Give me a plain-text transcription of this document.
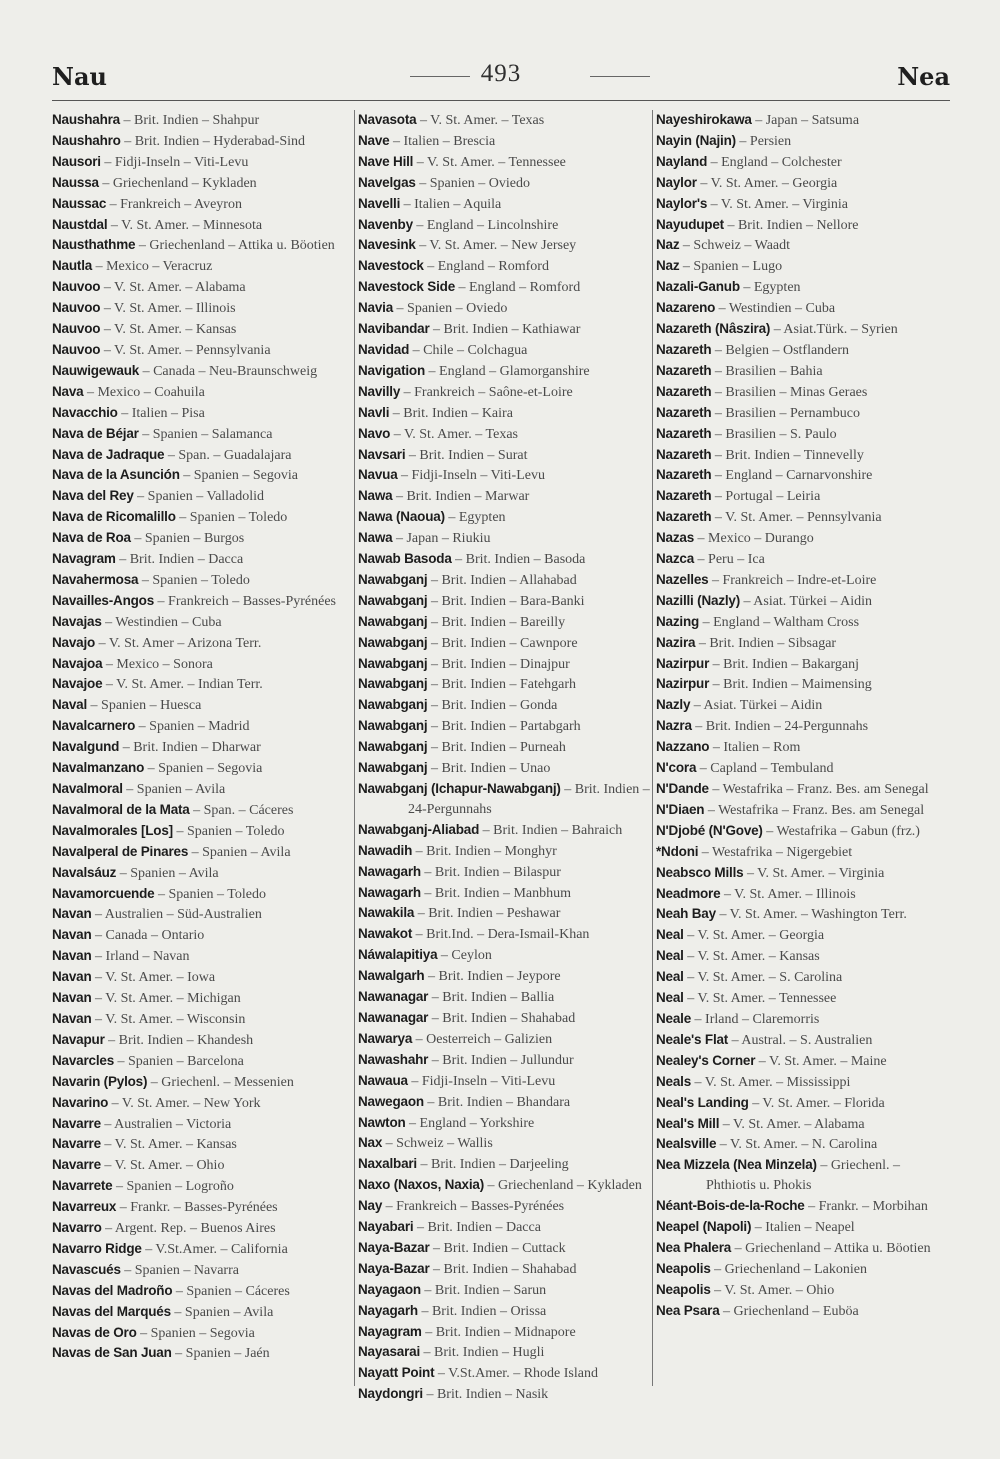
Nau	493	Nea

Naushahra – Brit. Indien – Shahpur

Naushahro – Brit. Indien – Hyderabad-Sind

Nausori – Fidji-Inseln – Viti-Levu

Naussa – Griechenland – Kykladen

Naussac – Frankreich – Aveyron

Naustdal – V. St. Amer. – Minnesota

Nausthathme – Griechenland – Attika u. Böotien

Nautla – Mexico – Veracruz

Nauvoo – V. St. Amer. – Alabama

Nauvoo – V. St. Amer. – Illinois

Nauvoo – V. St. Amer. – Kansas

Nauvoo – V. St. Amer. – Pennsylvania

Nauwigewauk – Canada – Neu-Braunschweig

Nava – Mexico – Coahuila

Navacchio – Italien – Pisa

Nava de Béjar – Spanien – Salamanca

Nava de Jadraque – Span. – Guadalajara

Nava de la Asunción – Spanien – Segovia

Nava del Rey – Spanien – Valladolid

Nava de Ricomalillo – Spanien – Toledo

Nava de Roa – Spanien – Burgos

Navagram – Brit. Indien – Dacca

Navahermosa – Spanien – Toledo

Navailles-Angos – Frankreich – Basses-Pyrénées

Navajas – Westindien – Cuba

Navajo – V. St. Amer – Arizona Terr.

Navajoa – Mexico – Sonora

Navajoe – V. St. Amer. – Indian Terr.

Naval – Spanien – Huesca

Navalcarnero – Spanien – Madrid

Navalgund – Brit. Indien – Dharwar

Navalmanzano – Spanien – Segovia

Navalmoral – Spanien – Avila

Navalmoral de la Mata – Span. – Cáceres

Navalmorales [Los] – Spanien – Toledo

Navalperal de Pinares – Spanien – Avila

Navalsáuz – Spanien – Avila

Navamorcuende – Spanien – Toledo

Navan – Australien – Süd-Australien

Navan – Canada – Ontario

Navan – Irland – Navan

Navan – V. St. Amer. – Iowa

Navan – V. St. Amer. – Michigan

Navan – V. St. Amer. – Wisconsin

Navapur – Brit. Indien – Khandesh

Navarcles – Spanien – Barcelona

Navarin (Pylos) – Griechenl. – Messenien

Navarino – V. St. Amer. – New York

Navarre – Australien – Victoria

Navarre – V. St. Amer. – Kansas

Navarre – V. St. Amer. – Ohio

Navarrete – Spanien – Logroño

Navarreux – Frankr. – Basses-Pyrénées

Navarro – Argent. Rep. – Buenos Aires

Navarro Ridge – V.St.Amer. – California

Navascués – Spanien – Navarra

Navas del Madroño – Spanien – Cáceres

Navas del Marqués – Spanien – Avila

Navas de Oro – Spanien – Segovia

Navas de San Juan – Spanien – Jaén

Navasota – V. St. Amer. – Texas

Nave – Italien – Brescia

Nave Hill – V. St. Amer. – Tennessee

Navelgas – Spanien – Oviedo

Navelli – Italien – Aquila

Navenby – England – Lincolnshire

Navesink – V. St. Amer. – New Jersey

Navestock – England – Romford

Navestock Side – England – Romford

Navia – Spanien – Oviedo

Navibandar – Brit. Indien – Kathiawar

Navidad – Chile – Colchagua

Navigation – England – Glamorganshire

Navilly – Frankreich – Saône-et-Loire

Navli – Brit. Indien – Kaira

Navo – V. St. Amer. – Texas

Navsari – Brit. Indien – Surat

Navua – Fidji-Inseln – Viti-Levu

Nawa – Brit. Indien – Marwar

Nawa (Naoua) – Egypten

Nawa – Japan – Riukiu

Nawab Basoda – Brit. Indien – Basoda

Nawabganj – Brit. Indien – Allahabad

Nawabganj – Brit. Indien – Bara-Banki

Nawabganj – Brit. Indien – Bareilly

Nawabganj – Brit. Indien – Cawnpore

Nawabganj – Brit. Indien – Dinajpur

Nawabganj – Brit. Indien – Fatehgarh

Nawabganj – Brit. Indien – Gonda

Nawabganj – Brit. Indien – Partabgarh

Nawabganj – Brit. Indien – Purneah

Nawabganj – Brit. Indien – Unao

Nawabganj (Ichapur-Nawabganj) – Brit. Indien – 24-Pergunnahs

Nawabganj-Aliabad – Brit. Indien – Bahraich

Nawadih – Brit. Indien – Monghyr

Nawagarh – Brit. Indien – Bilaspur

Nawagarh – Brit. Indien – Manbhum

Nawakila – Brit. Indien – Peshawar

Nawakot – Brit.Ind. – Dera-Ismail-Khan

Náwalapitiya – Ceylon

Nawalgarh – Brit. Indien – Jeypore

Nawanagar – Brit. Indien – Ballia

Nawanagar – Brit. Indien – Shahabad

Nawarya – Oesterreich – Galizien

Nawashahr – Brit. Indien – Jullundur

Nawaua – Fidji-Inseln – Viti-Levu

Nawegaon – Brit. Indien – Bhandara

Nawton – England – Yorkshire

Nax – Schweiz – Wallis

Naxalbari – Brit. Indien – Darjeeling

Naxo (Naxos, Naxia) – Griechenland – Kykladen

Nay – Frankreich – Basses-Pyrénées

Nayabari – Brit. Indien – Dacca

Naya-Bazar – Brit. Indien – Cuttack

Naya-Bazar – Brit. Indien – Shahabad

Nayagaon – Brit. Indien – Sarun

Nayagarh – Brit. Indien – Orissa

Nayagram – Brit. Indien – Midnapore

Nayasarai – Brit. Indien – Hugli

Nayatt Point – V.St.Amer. – Rhode Island

Naydongri – Brit. Indien – Nasik

Nayeshirokawa – Japan – Satsuma

Nayin (Najin) – Persien

Nayland – England – Colchester

Naylor – V. St. Amer. – Georgia

Naylor's – V. St. Amer. – Virginia

Nayudupet – Brit. Indien – Nellore

Naz – Schweiz – Waadt

Naz – Spanien – Lugo

Nazali-Ganub – Egypten

Nazareno – Westindien – Cuba

Nazareth (Nâszira) – Asiat.Türk. – Syrien

Nazareth – Belgien – Ostflandern

Nazareth – Brasilien – Bahia

Nazareth – Brasilien – Minas Geraes

Nazareth – Brasilien – Pernambuco

Nazareth – Brasilien – S. Paulo

Nazareth – Brit. Indien – Tinnevelly

Nazareth – England – Carnarvonshire

Nazareth – Portugal – Leiria

Nazareth – V. St. Amer. – Pennsylvania

Nazas – Mexico – Durango

Nazca – Peru – Ica

Nazelles – Frankreich – Indre-et-Loire

Nazilli (Nazly) – Asiat. Türkei – Aidin

Nazing – England – Waltham Cross

Nazira – Brit. Indien – Sibsagar

Nazirpur – Brit. Indien – Bakarganj

Nazirpur – Brit. Indien – Maimensing

Nazly – Asiat. Türkei – Aidin

Nazra – Brit. Indien – 24-Pergunnahs

Nazzano – Italien – Rom

N'cora – Capland – Tembuland

N'Dande – Westafrika – Franz. Bes. am Senegal

N'Diaen – Westafrika – Franz. Bes. am Senegal

N'Djobé (N'Gove) – Westafrika – Gabun (frz.)

*Ndoni – Westafrika – Nigergebiet

Neabsco Mills – V. St. Amer. – Virginia

Neadmore – V. St. Amer. – Illinois

Neah Bay – V. St. Amer. – Washington Terr.

Neal – V. St. Amer. – Georgia

Neal – V. St. Amer. – Kansas

Neal – V. St. Amer. – S. Carolina

Neal – V. St. Amer. – Tennessee

Neale – Irland – Claremorris

Neale's Flat – Austral. – S. Australien

Nealey's Corner – V. St. Amer. – Maine

Neals – V. St. Amer. – Mississippi

Neal's Landing – V. St. Amer. – Florida

Neal's Mill – V. St. Amer. – Alabama

Nealsville – V. St. Amer. – N. Carolina

Nea Mizzela (Nea Minzela) – Griechenl. – Phthiotis u. Phokis

Néant-Bois-de-la-Roche – Frankr. – Morbihan

Neapel (Napoli) – Italien – Neapel

Nea Phalera – Griechenland – Attika u. Böotien

Neapolis – Griechenland – Lakonien

Neapolis – V. St. Amer. – Ohio

Nea Psara – Griechenland – Euböa
